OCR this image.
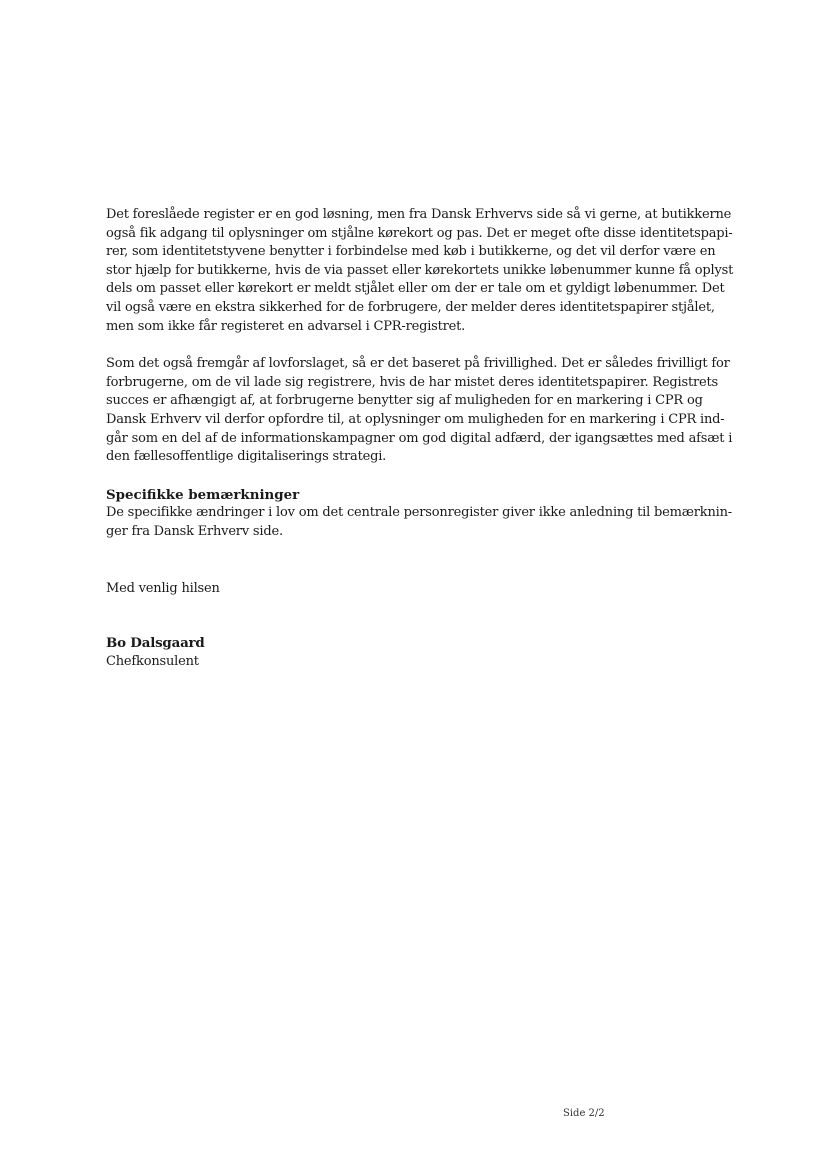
Det foreslåede register er en god løsning, men fra Dansk Erhvervs side så vi gerne, at butikkerne
også fik adgang til oplysninger om stjålne kørekort og pas. Det er meget ofte disse identitetspapi-
rer, som identitetstyvene benytter i forbindelse med køb i butikkerne, og det vil derfor være en
stor hjælp for butikkerne, hvis de via passet eller kørekortets unikke løbenummer kunne få oplyst
dels om passet eller kørekort er meldt stjålet eller om der er tale om et gyldigt løbenummer. Det
vil også være en ekstra sikkerhed for de forbrugere, der melder deres identitetspapirer stjålet,
men som ikke får registeret en advarsel i CPR-registret.

Som det også fremgår af lovforslaget, så er det baseret på frivillighed. Det er således frivilligt for
forbrugerne, om de vil lade sig registrere, hvis de har mistet deres identitetspapirer. Registrets
succes er afhængigt af, at forbrugerne benytter sig af muligheden for en markering i CPR og
Dansk Erhverv vil derfor opfordre til, at oplysninger om muligheden for en markering i CPR ind-
går som en del af de informationskampagner om god digital adfærd, der igangsættes med afsæt i
den fællesoffentlige digitaliserings strategi.

Specifikke bemærkninger

De specifikke ændringer i lov om det centrale personregister giver ikke anledning til bemærknin-
ger fra Dansk Erhverv side.

Med venlig hilsen
Bo Dalsgaard
Chefkonsulent
Side 2/2
